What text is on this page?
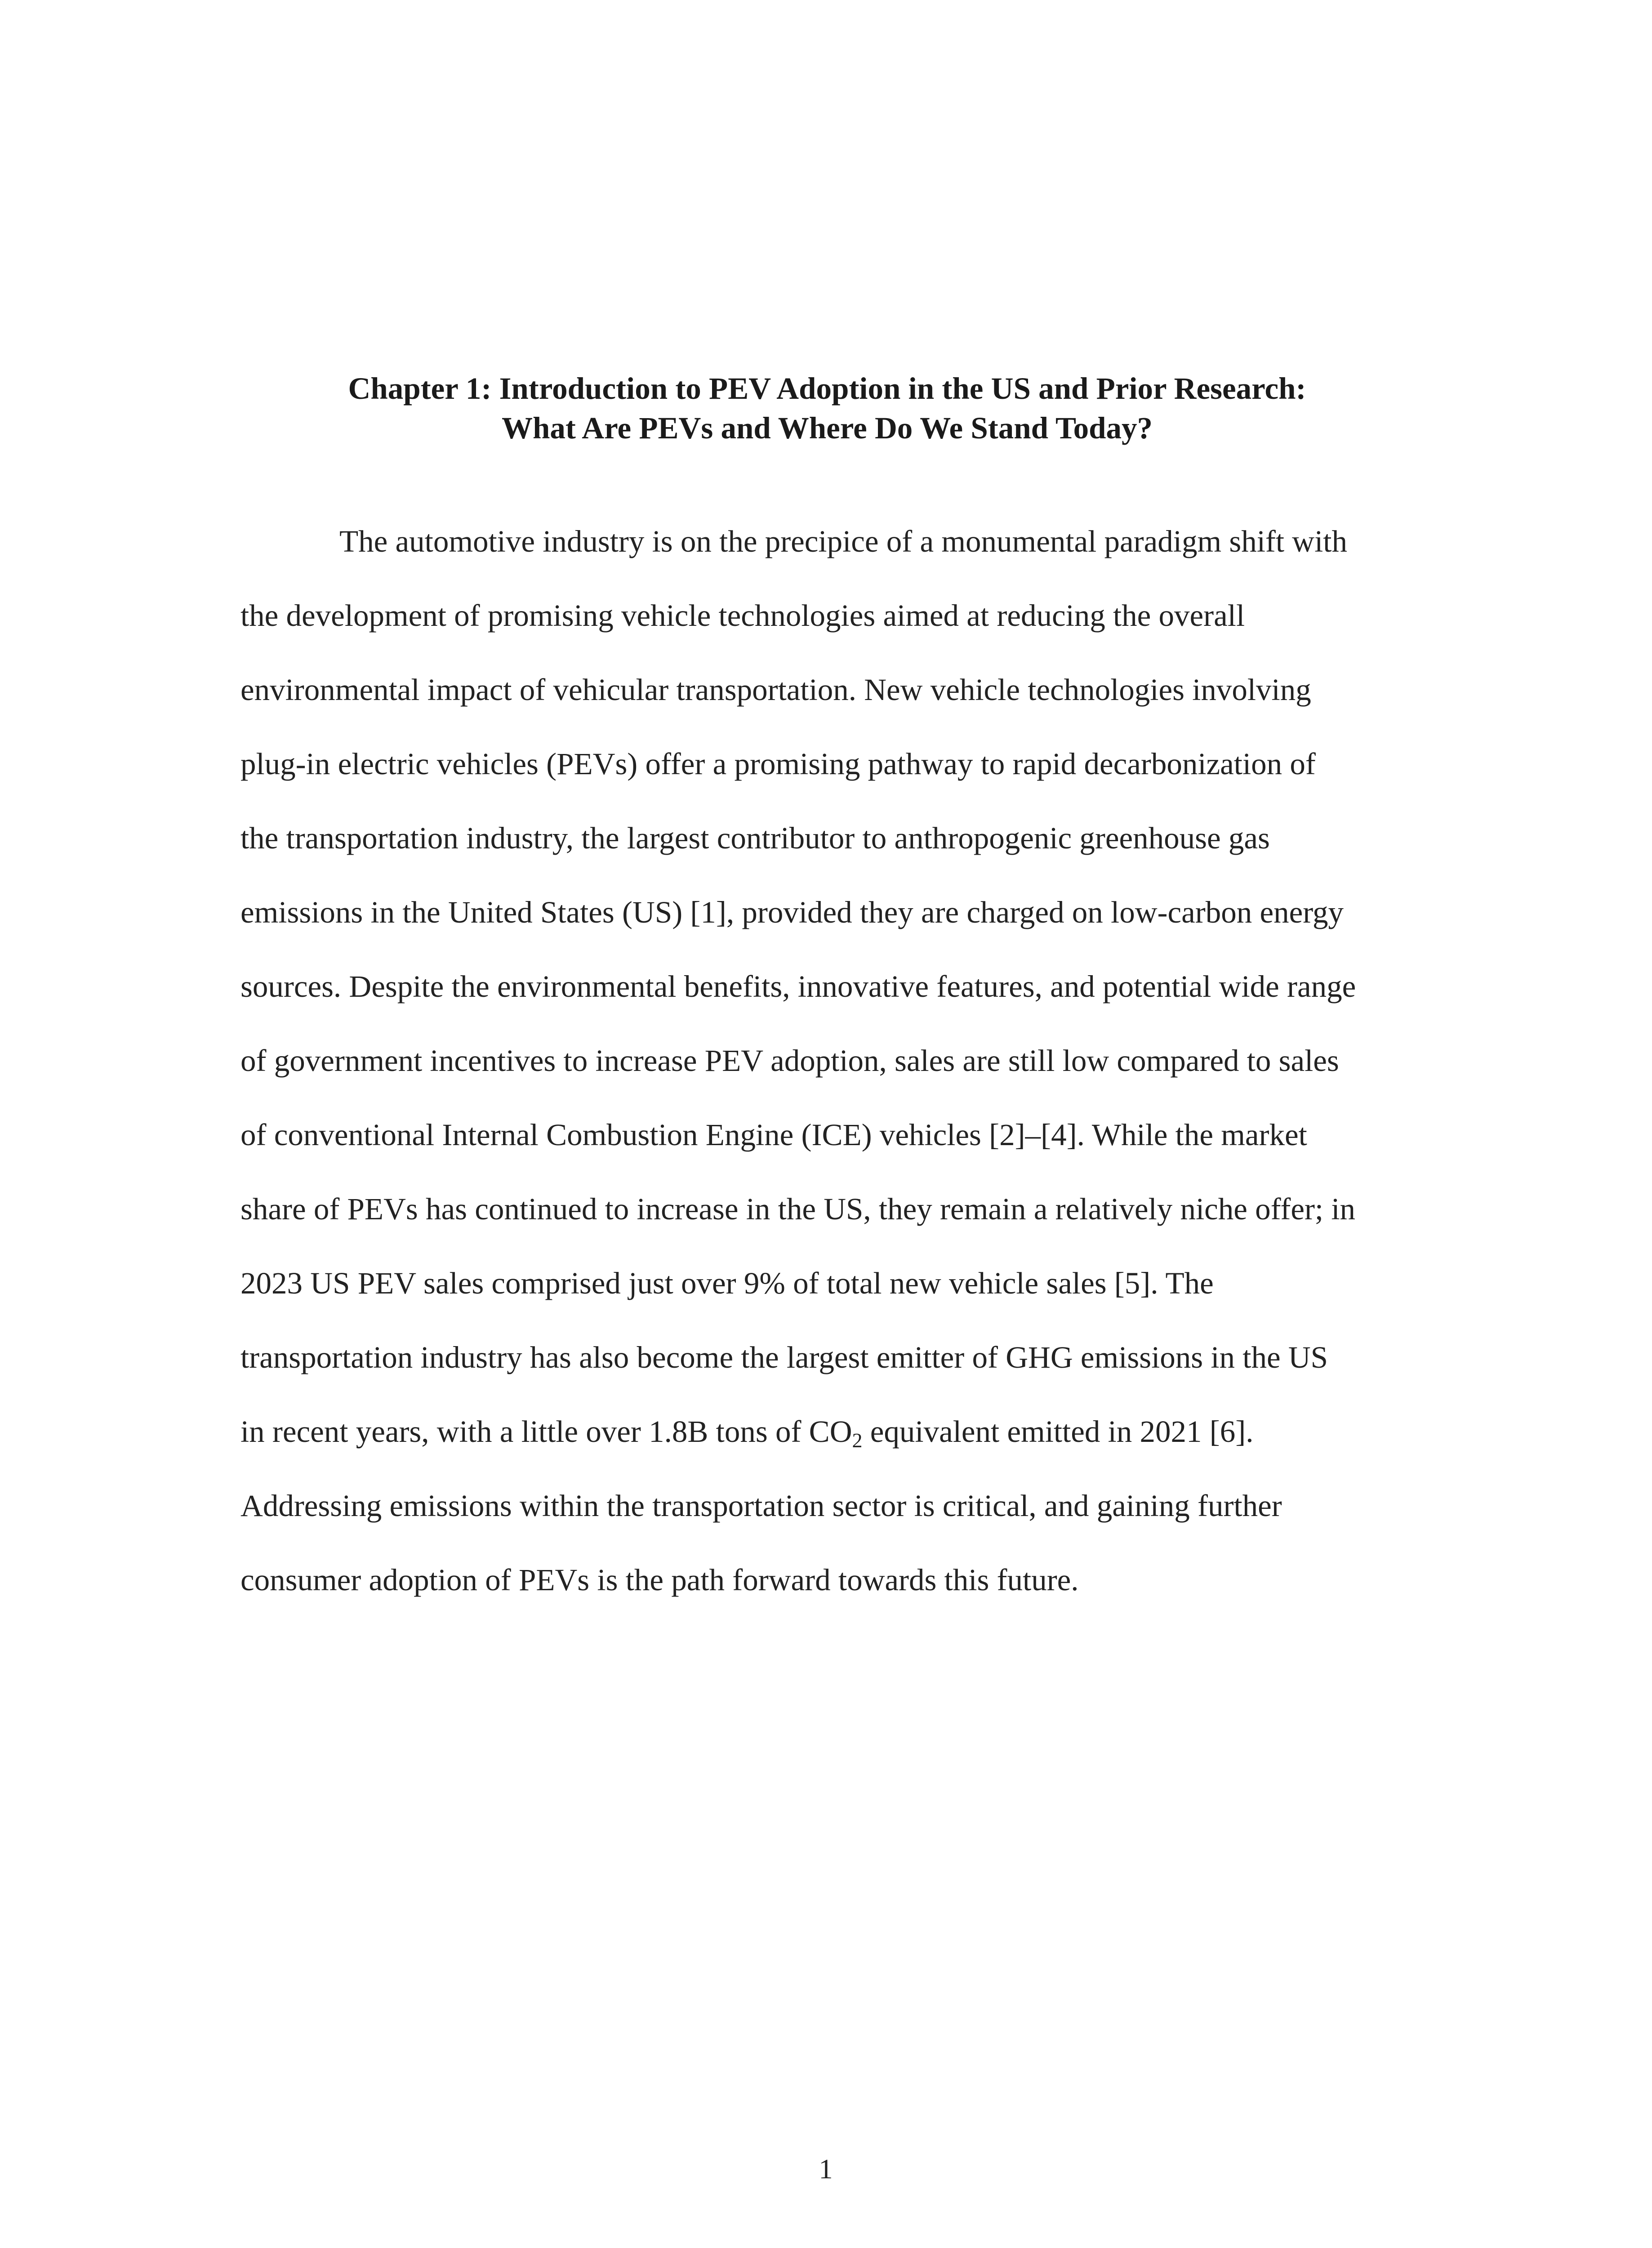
Chapter 1: Introduction to PEV Adoption in the US and Prior Research:
What Are PEVs and Where Do We Stand Today?
The automotive industry is on the precipice of a monumental paradigm shift with
the development of promising vehicle technologies aimed at reducing the overall
environmental impact of vehicular transportation. New vehicle technologies involving
plug-in electric vehicles (PEVs) offer a promising pathway to rapid decarbonization of
the transportation industry, the largest contributor to anthropogenic greenhouse gas
emissions in the United States (US) [1], provided they are charged on low-carbon energy
sources. Despite the environmental benefits, innovative features, and potential wide range
of government incentives to increase PEV adoption, sales are still low compared to sales
of conventional Internal Combustion Engine (ICE) vehicles [2]–[4]. While the market
share of PEVs has continued to increase in the US, they remain a relatively niche offer; in
2023 US PEV sales comprised just over 9% of total new vehicle sales [5]. The
transportation industry has also become the largest emitter of GHG emissions in the US
in recent years, with a little over 1.8B tons of $CO_2$ equivalent emitted in 2021 [6].
Addressing emissions within the transportation sector is critical, and gaining further
consumer adoption of PEVs is the path forward towards this future.
1
